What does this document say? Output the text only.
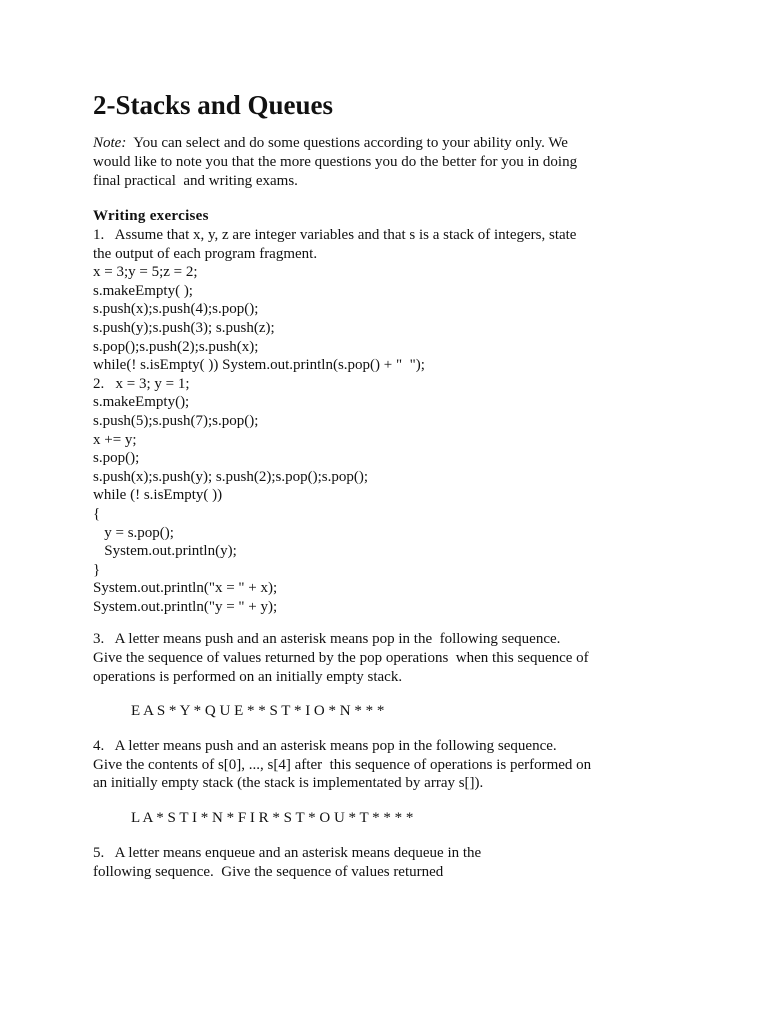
2-Stacks and Queues
Note:  You can select and do some questions according to your ability only. We
would like to note you that the more questions you do the better for you in doing
final practical  and writing exams.
Writing exercises
1.   Assume that x, y, z are integer variables and that s is a stack of integers, state
the output of each program fragment.
x = 3;y = 5;z = 2;
s.makeEmpty( );
s.push(x);s.push(4);s.pop();
s.push(y);s.push(3); s.push(z);
s.pop();s.push(2);s.push(x);
while(! s.isEmpty( )) System.out.println(s.pop() + "  ");
2.   x = 3; y = 1;
s.makeEmpty();
s.push(5);s.push(7);s.pop();
x += y;
s.pop();
s.push(x);s.push(y); s.push(2);s.pop();s.pop();
while (! s.isEmpty( ))
{
y = s.pop();
System.out.println(y);
}
System.out.println("x = " + x);
System.out.println("y = " + y);
3.   A letter means push and an asterisk means pop in the  following sequence.
Give the sequence of values returned by the pop operations  when this sequence of
operations is performed on an initially empty stack.
E A S * Y * Q U E * * S T * I O * N * * *
4.   A letter means push and an asterisk means pop in the following sequence.
Give the contents of s[0], ..., s[4] after  this sequence of operations is performed on
an initially empty stack (the stack is implementated by array s[]).
L A * S T I * N * F I R * S T * O U * T * * * *
5.   A letter means enqueue and an asterisk means dequeue in the
following sequence.  Give the sequence of values returned
